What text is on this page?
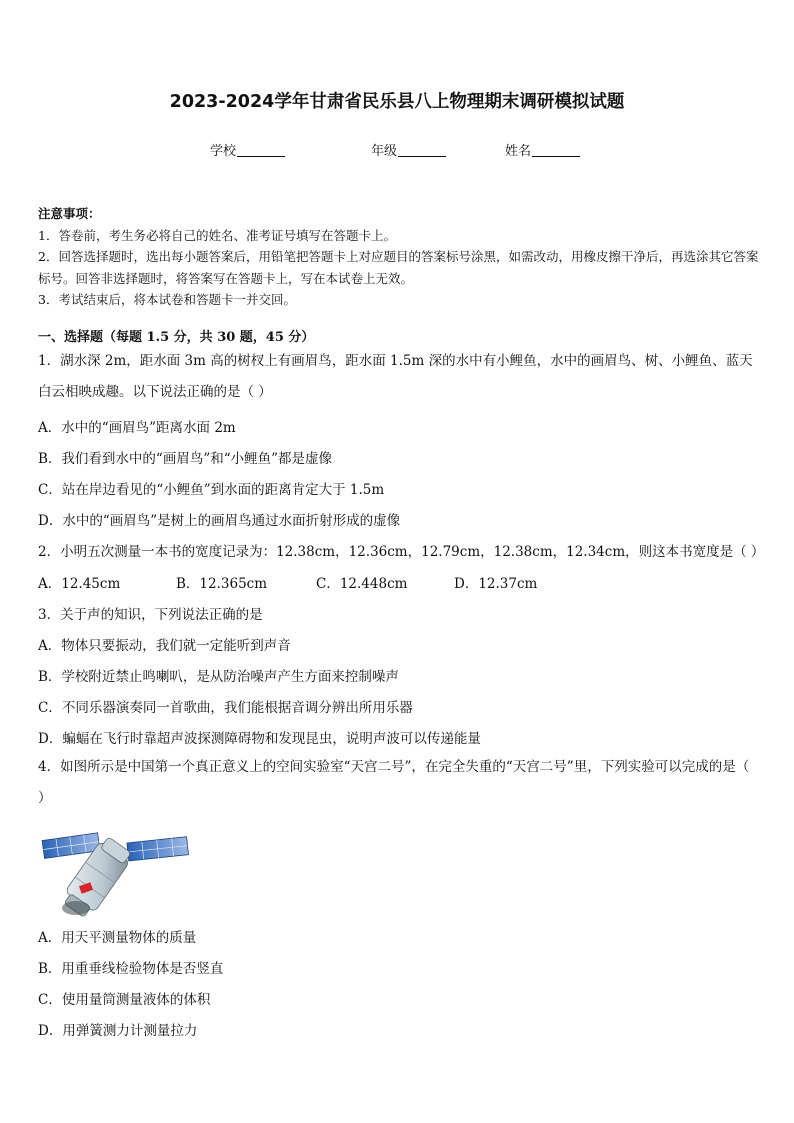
2023-2024学年甘肃省民乐县八上物理期末调研模拟试题
学校	年级	姓名
注意事项：
1．答卷前，考生务必将自己的姓名、准考证号填写在答题卡上。
2．回答选择题时，选出每小题答案后，用铅笔把答题卡上对应题目的答案标号涂黑，如需改动，用橡皮擦干净后，再选涂其它答案标号。回答非选择题时，将答案写在答题卡上，写在本试卷上无效。
3．考试结束后，将本试卷和答题卡一并交回。
一、选择题（每题 1.5 分，共 30 题，45 分）
1．湖水深 2m，距水面 3m 高的树杈上有画眉鸟，距水面 1.5m 深的水中有小鲤鱼，水中的画眉鸟、树、小鲤鱼、蓝天白云相映成趣。以下说法正确的是（ ）
A．水中的“画眉鸟”距离水面 2m
B．我们看到水中的“画眉鸟”和“小鲤鱼”都是虚像
C．站在岸边看见的“小鲤鱼”到水面的距离肯定大于 1.5m
D．水中的“画眉鸟”是树上的画眉鸟通过水面折射形成的虚像
2．小明五次测量一本书的宽度记录为：12.38cm，12.36cm，12.79cm，12.38cm，12.34cm，则这本书宽度是（ ）
A．12.45cm	B．12.365cm	C．12.448cm	D．12.37cm
3．关于声的知识，下列说法正确的是
A．物体只要振动，我们就一定能听到声音
B．学校附近禁止鸣喇叭，是从防治噪声产生方面来控制噪声
C．不同乐器演奏同一首歌曲，我们能根据音调分辨出所用乐器
D．蝙蝠在飞行时靠超声波探测障碍物和发现昆虫，说明声波可以传递能量
4．如图所示是中国第一个真正意义上的空间实验室“天宫二号”，在完全失重的“天宫二号”里，下列实验可以完成的是（ ）
A．用天平测量物体的质量
B．用重垂线检验物体是否竖直
C．使用量筒测量液体的体积
D．用弹簧测力计测量拉力
